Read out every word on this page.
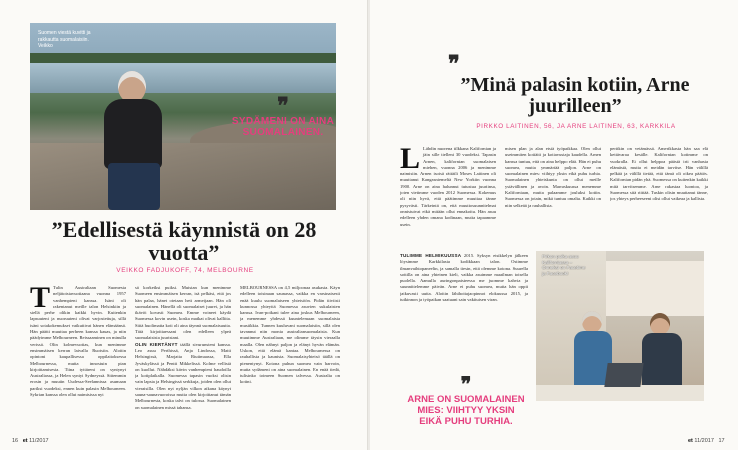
Suomen viestä kuvitti ja rakkautta suomalaisiin. Veikko
❞
SYDÄMENI ON AINA SUOMALAINEN.
”Edellisestä käynnistä on 28 vuotta”
VEIKKO FADJUKOFF, 74, MELBOURNE

T Tulin Australiaan Suomesta neljätoistavuotiaana vuonna 1957 vanhempieni kanssa. Isäni oli rakentanut meille talon Helsinkiin ja siellä perhe olikin kaikki hyvin. Kuitenkin lapsuuteni ja nuoruuteni olivat varjostettuja, sillä isäni sotakokemukset vaikuttivat hänen elämäänsä. Hän päätti muuttaa perheen kanssa kauas, ja niin päädyimme Melbourneen. Reissaaminen on minulla verissä. Olin kolmevuotias, kun menimme ensimmäisen kerran laivalla Ruotsiin. Aloitin opintoni kaupallisessa oppilaitoksessa Melbournessa, mutta innostuin pian kirjoittamisesta. Tiina tyttäreni on syntynyt Australiassa, ja Helen syntyi Sydneyssä. Sittemmin erosin ja muutin Uudessa-Seelannissa asumaan pariksi vuodeksi, ennen kuin palasin Melbourneen. Sykrian kanssa olen ollut naimisissa nyt

sä korkeiksi puiksi. Muistan kun menimme Suomeen ensimmäisen kerran, isä pelkäsi, että jos hän palaa, hänet otetaan heti armeijaan. Hän oli suomalainen. Hänellä oli suomalaiset juuret, ja hän ikävöi kovasti Suomea. Emme voineet käydä Suomessa kovin usein, koska matkat olivat kalliita. Siitä huolimatta koti oli aina täynnä suomalaisuutta. Tätä kirjoittaessani olen edelleen ylpeä suomalaisista juuristani.

OLIN KIERTÄNYT täällä sivurunsteni kanssa. Leo asuu Perthissä, Anja Lindossa, Matti Helsingissä, Marjatta Riutimaassa, Ella Jyväskylässä ja Pentti Mikkelissä. Kolme vellistä on kuollut. Nähdäksi kävin vanhempieni haudoilla ja kotiplaikalla. Suomessa tapasin vuoksi olisin vain lapsia ja Helsingissä serkkuja, joiden olen ollut vieraisilla. Olen nyt nyljän vilkon aikana käynyt sauna-saunavuoroissa mutta olen kirjoittanut tämän Melbournesta, koska talvi on tulossa. Suomalainen on suomalainen missä tahansa.

MELBOURNESSA on 4,5 miljoonaa asukasta. Käyn edelleen toisinaan saunassa, vaikka en varsinaisesti enää kuulu suomalaiseen yhteisöön. Pidän tiiviisti kunnossa yhteyttä Suomessa asuvien sukulaisten kanssa. Ivan-poikani tulee aina joskus Melbourneen, ja menemme yhdessä kuuntelemaan suomalaista musiikkia. Tunnen kuuluvani suomalaisiin, sillä olen tavannut niin monia australiansuomalaisia. Kun muutimme Australiaan, me olimme täysin vieraalla maalla. Olen nähnyt paljon ja elänyt hyvän elämän. Uskon, että elämä kantaa. Melbournessa on rauhallista ja kaunista. Suomalaisyhteisö täällä on pienentynyt. Kotona puhun suomea vain harvoin, mutta sydämeni on aina suomalainen. En enää tiedä, tulisinko toimeen Suomen talvessa. Australia on kotini.

16 et 11/2017
❞
”Minä palasin kotiin, Arne juurilleen”
PIRKKO LAITINEN, 56, JA ARNE LAITINEN, 63, KARKKILA

L Lähdin nuorena tilkkana Kalifornian ja jäin sille tielleni 30 vuodeksi. Tapasin Arnen, kalifornian suomalaisen miehen, vuonna 2006 ja menimme naimisiin. Arnen isoisä rättäili Moses Laitinen oli muuttanut Kangasniemeltä New Yorkiin vuonna 1900. Arne on aina halunnut tutustua juuriinsa, joten vietimme vuoden 2012 Suomessa. Kokemus oli niin hyvä, että päätimme muuttaa tänne pysyvästi. Tärkeintä on, että muuttosuunnitelmat onnistuivat eikä mitään ollut ennakoitu. Hän asuu edelleen yhden omana kodinaan, mutta tapaamme usein.

misen plan ja alan etsiä työpaikkaa. Olen ollut useimmiten kotiäiti ja kotiavustaja kaudella. Arnen kanssa tuntuu, että on aina helppo elää. Hän ei puhu suomea, mutta ymmärtää paljon. Arne on suomalainen mies: viihtyy yksin eikä puhu turhia. Suomalainen yhteiskunta on ollut meille ystävällinen ja avoin. Marraskuussa menemme Kaliforniaan, mutta palaamme jouluksi kotiin. Suomessa on jotain, mikä tuntuu omalta. Kaikki on niin selkeää ja rauhallista.

peritkin on vetämässä. Amerikkasta hän saa elä kettävaraa kesälle. Kalifornian kotimme on vuokralla. Ei ollut helppoa päästä irti vanhasta elämästä, mutta ei meidän tarvitse. Hän välillä pelkää ja välillä tietää, että tämä oli oikea päätös. Kalifornian pidän yhä. Suomessa on kuitenkin kaikki mitä tarvitsemme. Arne rakastaa luontoa, ja Suomessa sitä riittää. Tuskin olisin muuttanut tänne, jos yhteys perheeseeni olisi ollut vaikeaa ja kallista.

TULIMME HELMIKUUSSA 2015. Syksyn etsikkelyn jälkeen löysimme Karkkilasta kodikkaan talon. Ostimme ilmanvaihtopaneelin, ja samalla tiesin, että olemme kotona. Suurella sottilla on aina yhteinen kieli, vaikka asuimme maailman toisella puolella. Aamulla auringonpaisteessa me juomme kahvia ja suunnittelemme päivän. Arne ei puhu suomea, mutta hän oppii jatkuvasti uutta. Aloitin lähihoitajaopinnot elokuussa 2015, ja tutkinnon ja työpaikan saatuani sain vakituisen viran.

Pirkon poika asuu Kaliforniassa – Onneksi on Facetime ja Facebook!
❞
ARNE ON SUOMALAINEN MIES: VIIHTYY YKSIN EIKÄ PUHU TURHIA.
et 11/2017 17
